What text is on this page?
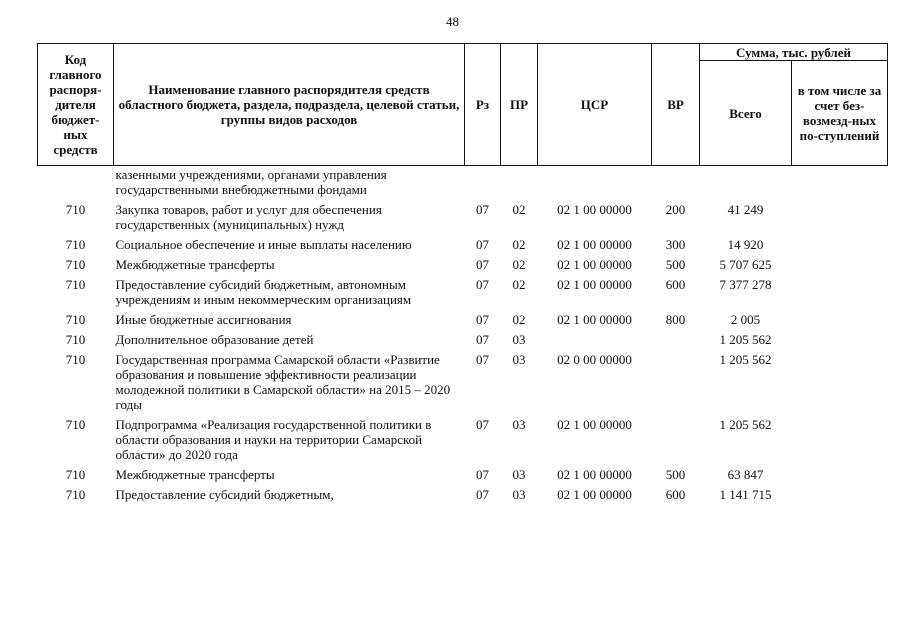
48
Код главного распоря-дителя бюджет-ных средств	Наименование главного распорядителя средств областного бюджета, раздела, подраздела, целевой статьи, группы видов расходов	Рз	ПР	ЦСР	ВР	Сумма, тыс. рублей	
						Всего	в том числе за счет без-возмезд-ных по-ступлений
	казенными учреждениями, органами управления государственными внебюджетными фондами						
710	Закупка товаров, работ и услуг для обеспечения государственных (муниципальных) нужд	07	02	02 1 00 00000	200	41 249	
710	Социальное обеспечение и иные выплаты населению	07	02	02 1 00 00000	300	14 920	
710	Межбюджетные трансферты	07	02	02 1 00 00000	500	5 707 625	
710	Предоставление субсидий бюджетным, автономным учреждениям и иным некоммерческим организациям	07	02	02 1 00 00000	600	7 377 278	
710	Иные бюджетные ассигнования	07	02	02 1 00 00000	800	2 005	
710	Дополнительное образование детей	07	03			1 205 562	
710	Государственная программа Самарской области «Развитие образования и повышение эффективности реализации молодежной политики в Самарской области» на 2015 – 2020 годы	07	03	02 0 00 00000		1 205 562	
710	Подпрограмма «Реализация государственной политики в области образования и науки на территории Самарской области» до 2020 года	07	03	02 1 00 00000		1 205 562	
710	Межбюджетные трансферты	07	03	02 1 00 00000	500	63 847	
710	Предоставление субсидий бюджетным,	07	03	02 1 00 00000	600	1 141 715	
